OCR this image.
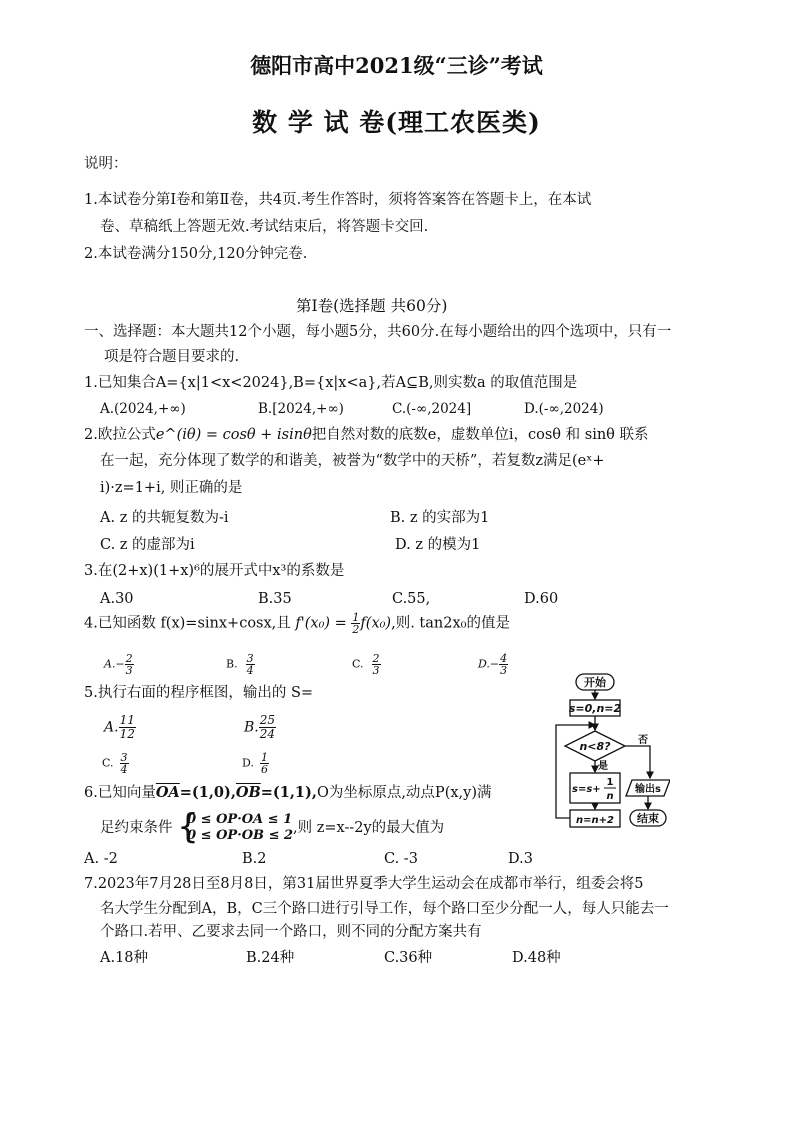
德阳市高中2021级“三诊”考试
数 学 试 卷(理工农医类)
说明：
1.本试卷分第Ⅰ卷和第Ⅱ卷，共4页.考生作答时，须将答案答在答题卡上，在本试
卷、草稿纸上答题无效.考试结束后，将答题卡交回.
2.本试卷满分150分,120分钟完卷.
第Ⅰ卷(选择题 共60分)
一、选择题：本大题共12个小题，每小题5分，共60分.在每小题给出的四个选项中，只有一
项是符合题目要求的.
1.已知集合A={x|1<x<2024},B={x|x<a},若A⊆B,则实数a 的取值范围是
A.(2024,+∞)	B.[2024,+∞)	C.(-∞,2024]	D.(-∞,2024)
2.欧拉公式e^(iθ) = cosθ + isinθ把自然对数的底数e，虚数单位i，cosθ 和 sinθ 联系
在一起，充分体现了数学的和谐美，被誉为“数学中的天桥”，若复数z满足(eˣ+
i)·z=1+i, 则正确的是
A. z 的共轭复数为-i	B. z 的实部为1
C. z 的虚部为i	D. z 的模为1
3.在(2+x)(1+x)⁶的展开式中x³的系数是
A.30	B.35	C.55,	D.60
4.已知函数 f(x)=sinx+cosx,且 $f'(x_0) = \frac{1}{2} f(x_0)$,则. tan2x₀的值是
$A.- \frac{2}{3}$	B. $\frac{3}{4}$	C. $\frac{2}{3}$	$D.- \frac{4}{3}$
5.执行右面的程序框图，输出的 S=
A. $\frac{11}{12}$	B. $\frac{25}{24}$
C. $\frac{3}{4}$	D. $\frac{1}{6}$
6.已知向量$\overline{OA}=(1,0),\overline{OB}=(1,1),O$为坐标原点,动点P(x,y)满
足约束条件 {
0 ≤ OP·OA ≤ 1
0 ≤ OP·OB ≤ 2 ,则 z=x--2y的最大值为
A. -2	B.2	C. -3	D.3
7.2023年7月28日至8月8日，第31届世界夏季大学生运动会在成都市举行，组委会将5
名大学生分配到A，B，C三个路口进行引导工作，每个路口至少分配一人，每人只能去一
个路口.若甲、乙要求去同一个路口，则不同的分配方案共有
A.18种	B.24种	C.36种	D.48种
开始
s=0,n=2
n<8?
是
否
s=s+
1
n
n=n+2
输出s
结束
